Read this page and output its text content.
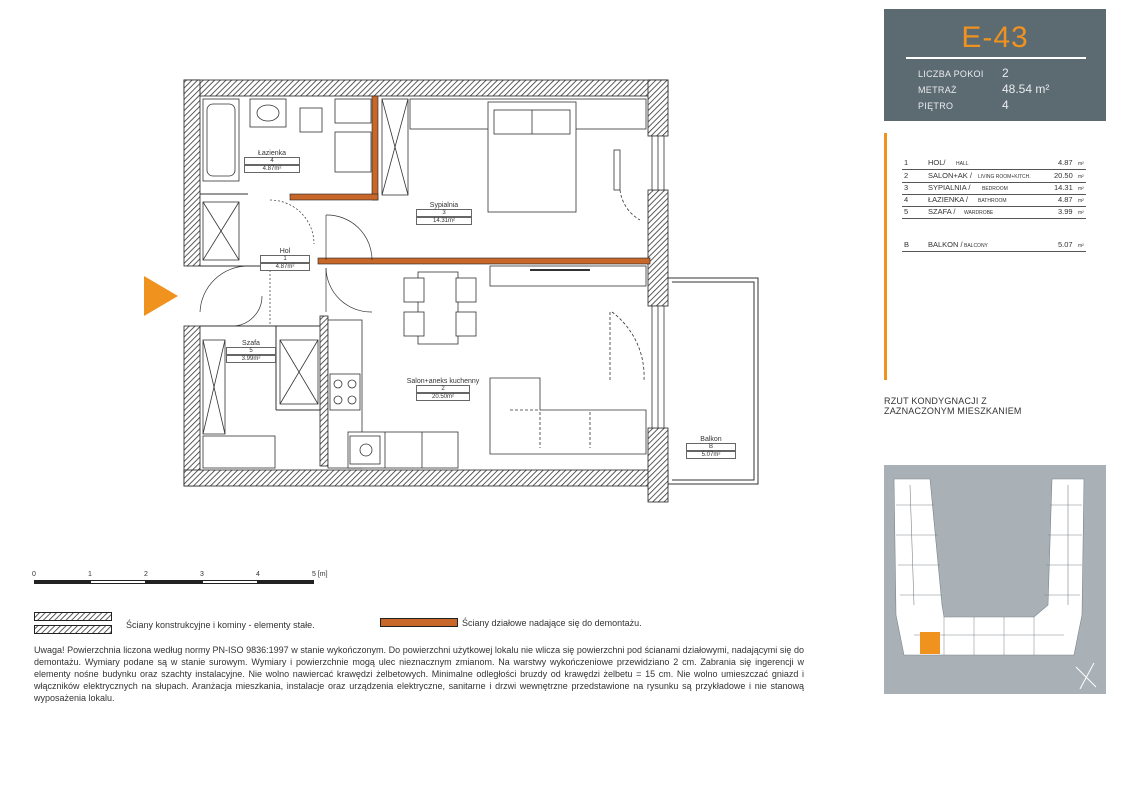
Łazienka
4
4.87m²
Sypialnia
3
14.31m²
Hol
1
4.87m²
Szafa
5
3.99m²
Salon+aneks kuchenny
2
20.50m²
Balkon
B
5.07m²
E-43
LICZBA POKOI 2
METRAŻ	48.54 m²
PIĘTRO	4
1	HOL/ HALL	4.87 m²
2	SALON+AK / LIVING ROOM+KITCH.	20.50 m²
3	SYPIALNIA / BEDROOM	14.31 m²
4	ŁAZIENKA / BATHROOM	4.87 m²
5	SZAFA / WARDROBE	3.99 m²
B	BALKON / BALCONY	5.07 m²
RZUT KONDYGNACJI Z
ZAZNACZONYM MIESZKANIEM
0	1	2	3	4	5 [m]
Ściany konstrukcyjne i kominy - elementy stałe.	Ściany działowe nadające się do demontażu.
Uwaga! Powierzchnia liczona według normy PN-ISO 9836:1997 w stanie wykończonym. Do powierzchni użytkowej lokalu nie wlicza się powierzchni pod ścianami działowymi, nadającymi się do demontażu. Wymiary podane są w stanie surowym. Wymiary i powierzchnie mogą ulec nieznacznym zmianom. Na warstwy wykończeniowe przewidziano 2 cm. Zabrania się ingerencji w elementy nośne budynku oraz szachty instalacyjne. Nie wolno nawiercać krawędzi żelbetowych. Minimalne odległości bruzdy od krawędzi żelbetu = 15 cm. Nie wolno umieszczać gniazd i włączników elektrycznych na słupach. Aranżacja mieszkania, instalacje oraz urządzenia elektryczne, sanitarne i drzwi wewnętrzne przedstawione na rysunku są przykładowe i nie stanową wyposażenia lokalu.
